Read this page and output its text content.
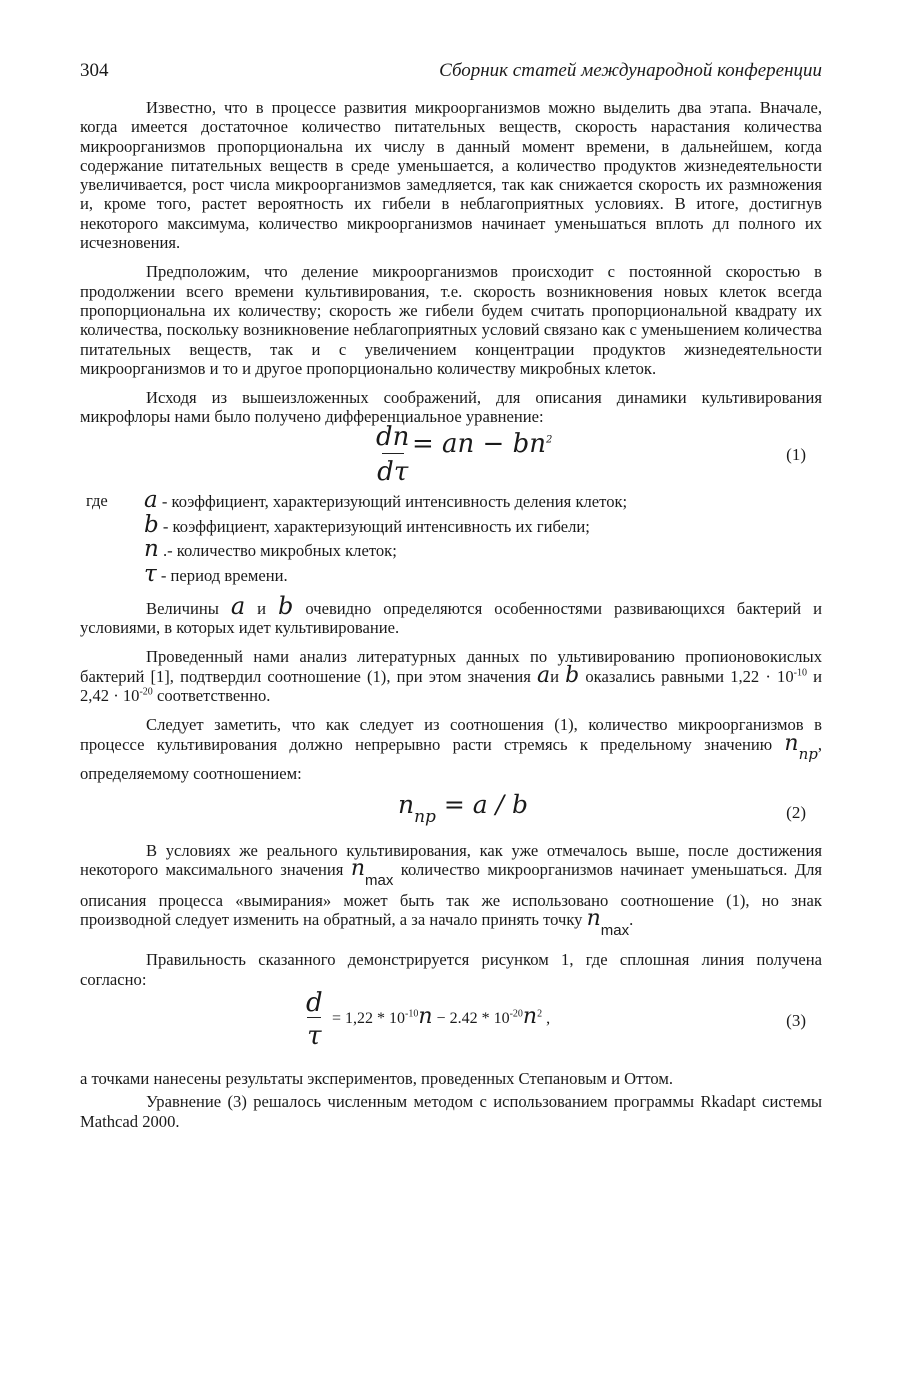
304	Сборник статей международной конференции

Известно, что в процессе развития микроорганизмов можно выделить два этапа. Вначале, когда имеется достаточное количество питательных веществ, скорость нарастания количества микроорганизмов пропорциональна их числу в данный момент времени, в дальнейшем, когда содержание питательных веществ в среде уменьшается, а количество продуктов жизнедеятельности увеличивается, рост числа микроорганизмов замедляется, так как снижается скорость их размножения и, кроме того, растет вероятность их гибели в неблагоприятных условиях. В итоге, достигнув некоторого максимума, количество микроорганизмов начинает уменьшаться вплоть дл полного их исчезновения.

Предположим, что деление микроорганизмов происходит с постоянной скоростью в продолжении всего времени культивирования, т.е. скорость возникновения новых клеток всегда пропорциональна их количеству; скорость же гибели будем считать пропорциональной квадрату их количества, поскольку возникновение неблагоприятных условий связано как с уменьшением количества питательных веществ, так и с увеличением концентрации продуктов жизнедеятельности микроорганизмов и то и другое пропорционально количеству микробных клеток.

Исходя из вышеизложенных соображений, для описания динамики культивирования микрофлоры нами было получено дифференциальное уравнение:

dn
dτ
= an − $bn^2$
(1)
где a - коэффициент, характеризующий интенсивность деления клеток;
b - коэффициент, характеризующий интенсивность их гибели;
n .- количество микробных клеток;
τ - период времени.

Величины a и b очевидно определяются особенностями развивающихся бактерий и условиями, в которых идет культивирование.

Проведенный нами анализ литературных данных по ультивированию пропионовокислых бактерий [1], подтвердил соотношение (1), при этом значения aи b оказались равными $1,22 \cdot 10^{-10}$ и $2,42 \cdot 10^{-20}$ соответственно.

Следует заметить, что как следует из соотношения (1), количество микроорганизмов в процессе культивирования должно непрерывно расти стремясь к предельному значению nпр, определяемому соотношением:

$n_{пр} = a / b$	(2)

В условиях же реального культивирования, как уже отмечалось выше, после достижения некоторого максимального значения nmax количество микроорганизмов начинает уменьшаться. Для описания процесса «вымирания» может быть так же использовано соотношение (1), но знак производной следует изменить на обратный, а за начало принять точку nmax.

Правильность сказанного демонстрируется рисунком 1, где сплошная линия получена согласно:

d
τ
= $1,22 * 10^{-10}n - 2.42 * 10^{-20}n^2$ ,	(3)

а точками нанесены результаты экспериментов, проведенных Степановым и Оттом.

Уравнение (3) решалось численным методом с использованием программы Rkadapt системы Mathcad 2000.
